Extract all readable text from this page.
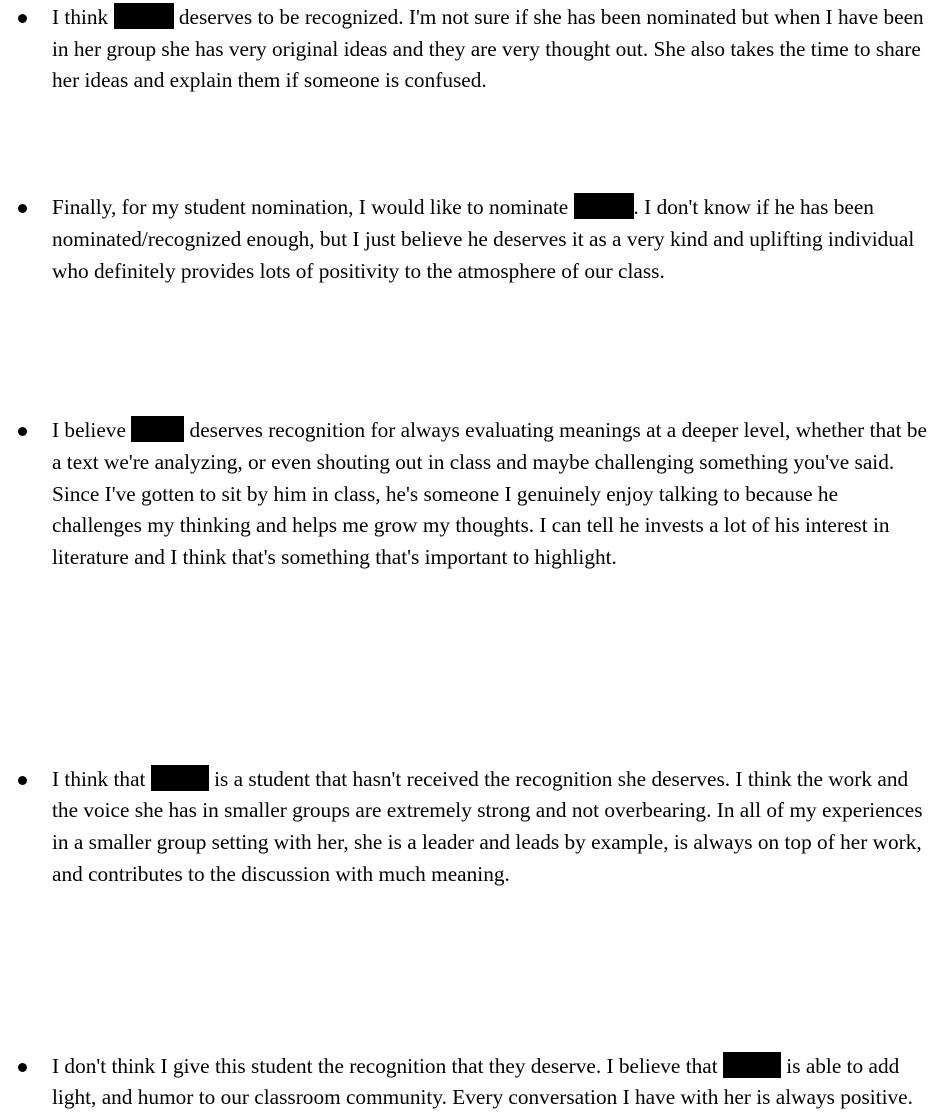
I think	deserves to be recognized. I'm not sure if she has been nominated but when I have been in her group she has very original ideas and they are very thought out. She also takes the time to share her ideas and explain them if someone is confused.
Finally, for my student nomination, I would like to nominate	. I don't know if he has been nominated/recognized enough, but I just believe he deserves it as a very kind and uplifting individual who definitely provides lots of positivity to the atmosphere of our class.
I believe  deserves recognition for always evaluating meanings at a deeper level, whether that be a text we're analyzing, or even shouting out in class and maybe challenging something you've said. Since I've gotten to sit by him in class, he's someone I genuinely enjoy talking to because he challenges my thinking and helps me grow my thoughts. I can tell he invests a lot of his interest in literature and I think that's something that's important to highlight.
I think that	is a student that hasn't received the recognition she deserves. I think the work and the voice she has in smaller groups are extremely strong and not overbearing. In all of my experiences in a smaller group setting with her, she is a leader and leads by example, is always on top of her work, and contributes to the discussion with much meaning.
I don't think I give this student the recognition that they deserve. I believe that	is able to add light, and humor to our classroom community. Every conversation I have with her is always positive.
